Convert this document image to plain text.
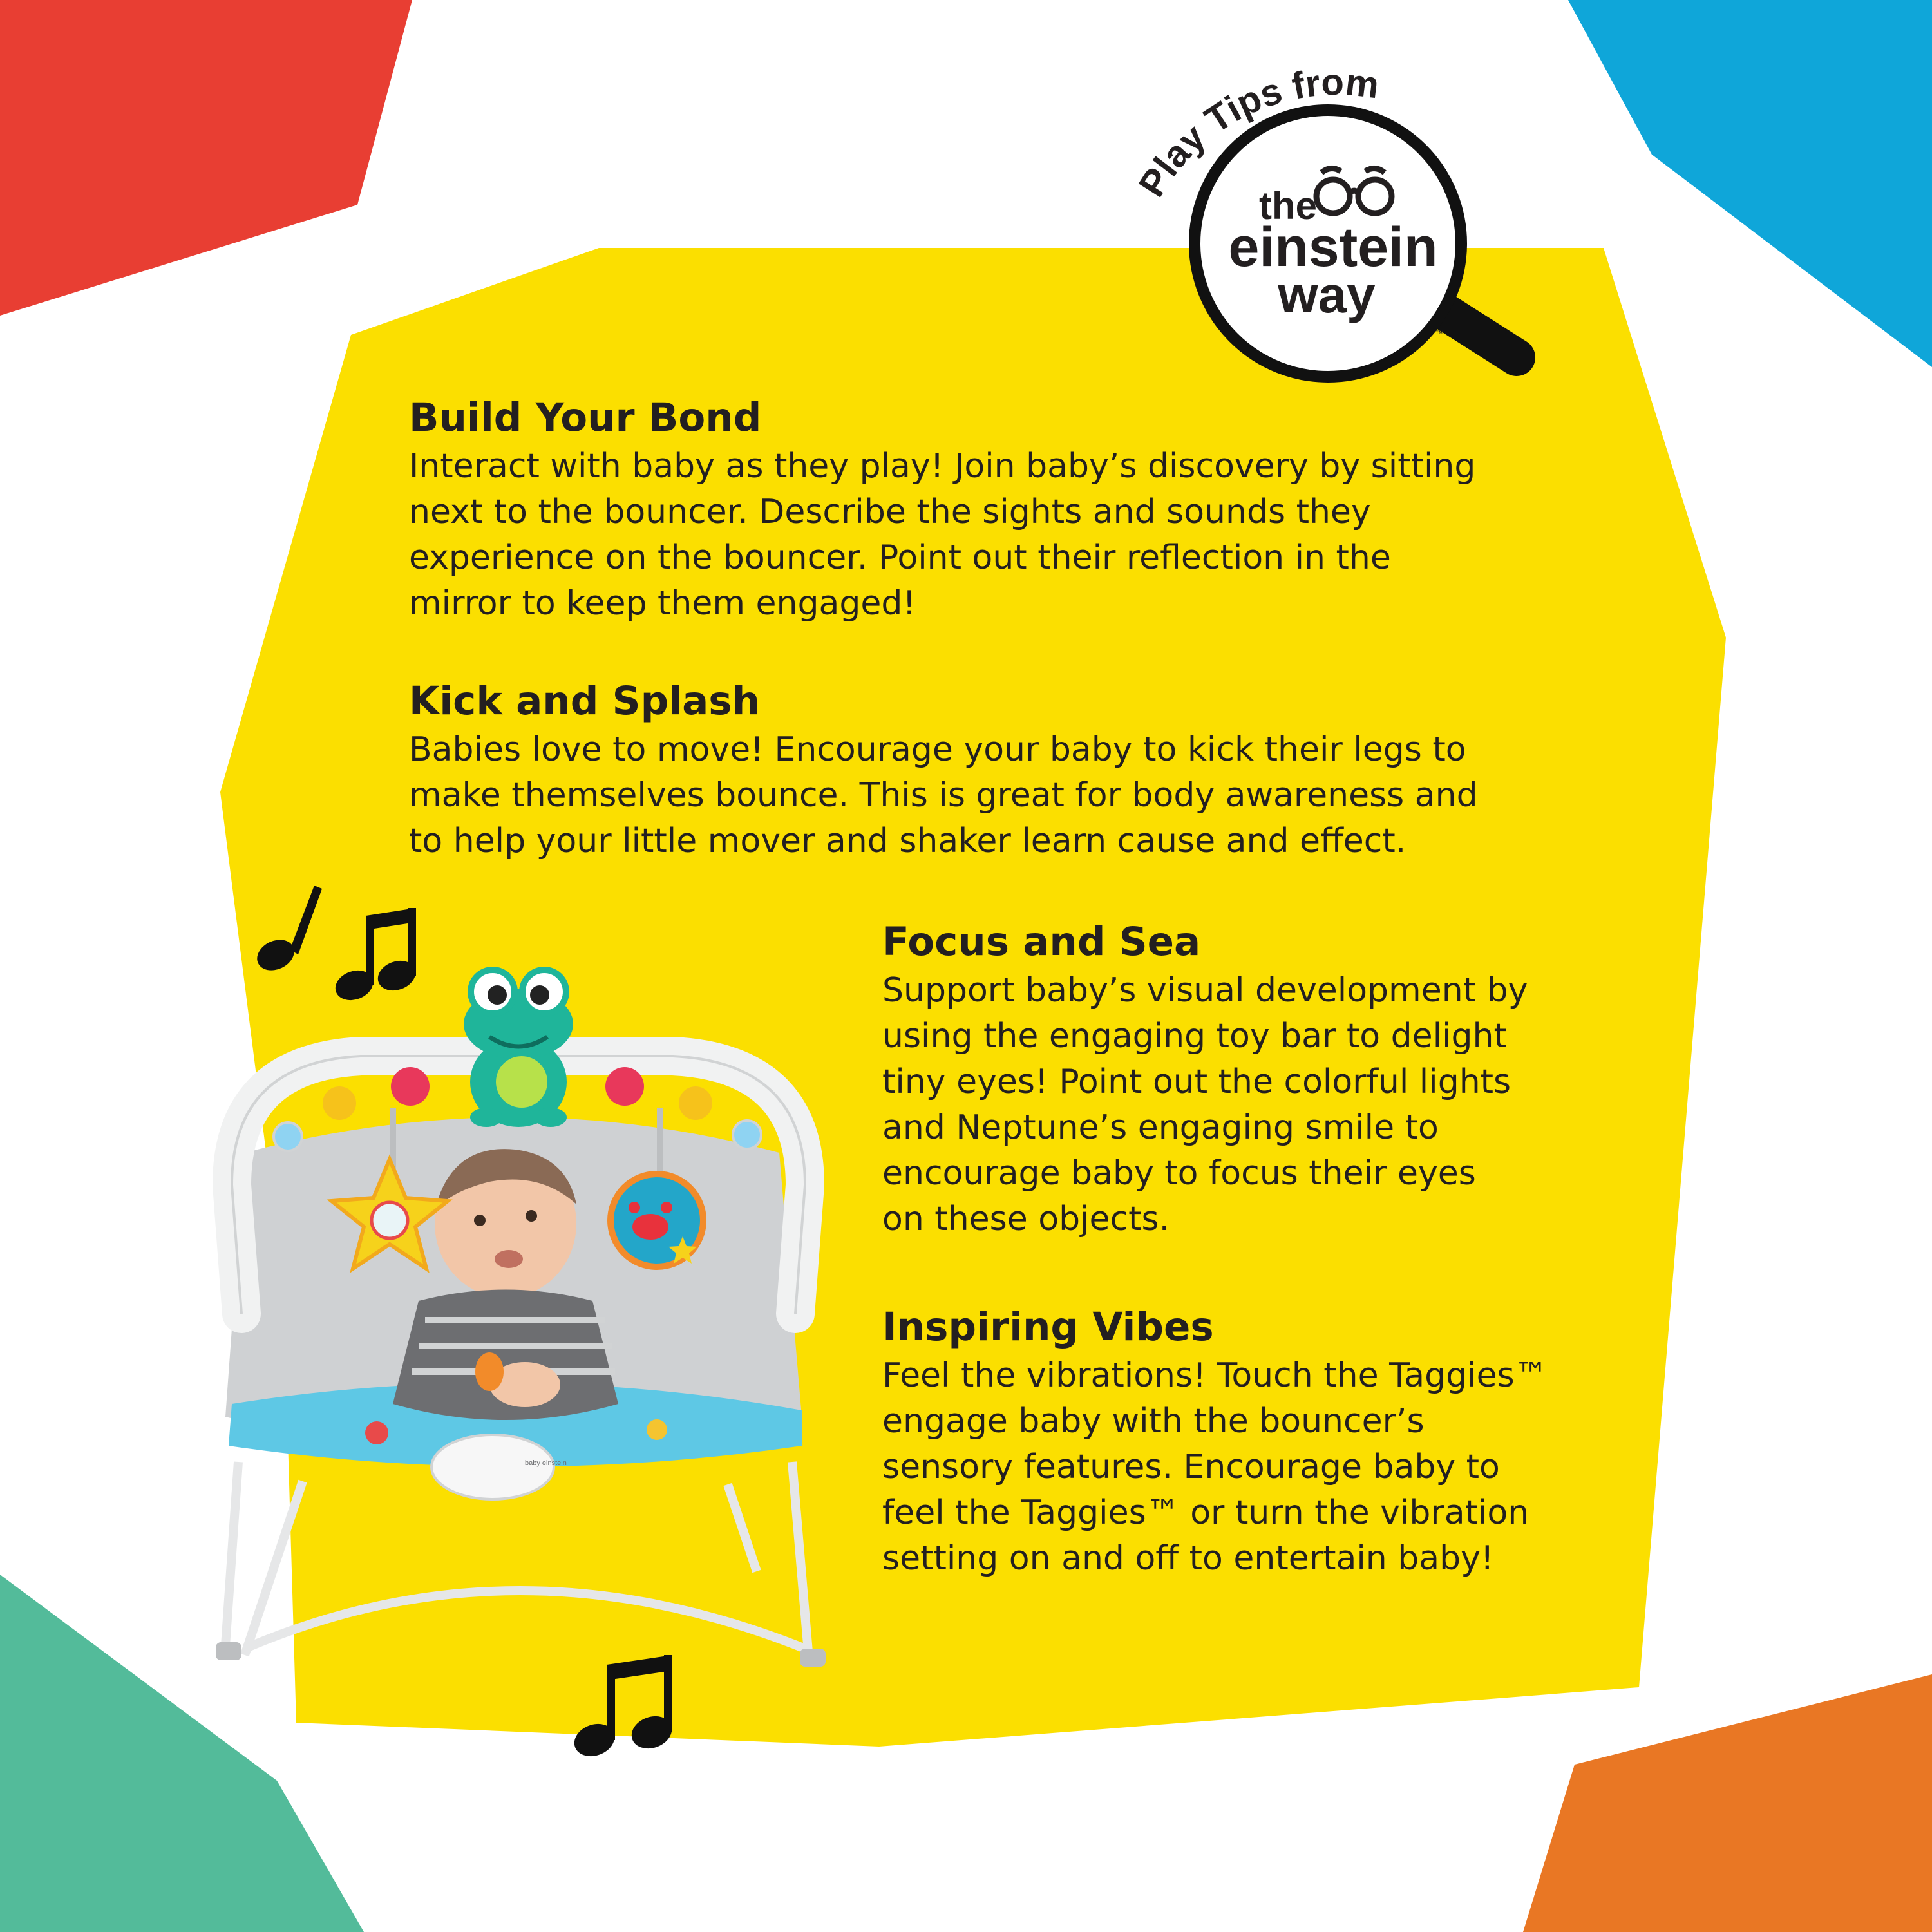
Play Tips from
the
einstein
way
™
baby einstein
Build Your Bond

Interact with baby as they play! Join baby’s discovery by sitting
next to the bouncer. Describe the sights and sounds they
experience on the bouncer. Point out their reflection in the
mirror to keep them engaged!

Kick and Splash

Babies love to move! Encourage your baby to kick their legs to
make themselves bounce. This is great for body awareness and
to help your little mover and shaker learn cause and effect.

Focus and Sea

Support baby’s visual development by
using the engaging toy bar to delight
tiny eyes! Point out the colorful lights
and Neptune’s engaging smile to
encourage baby to focus their eyes
on these objects.

Inspiring Vibes

Feel the vibrations! Touch the Taggies™
engage baby with the bouncer’s
sensory features. Encourage baby to
feel the Taggies™ or turn the vibration
setting on and off to entertain baby!
